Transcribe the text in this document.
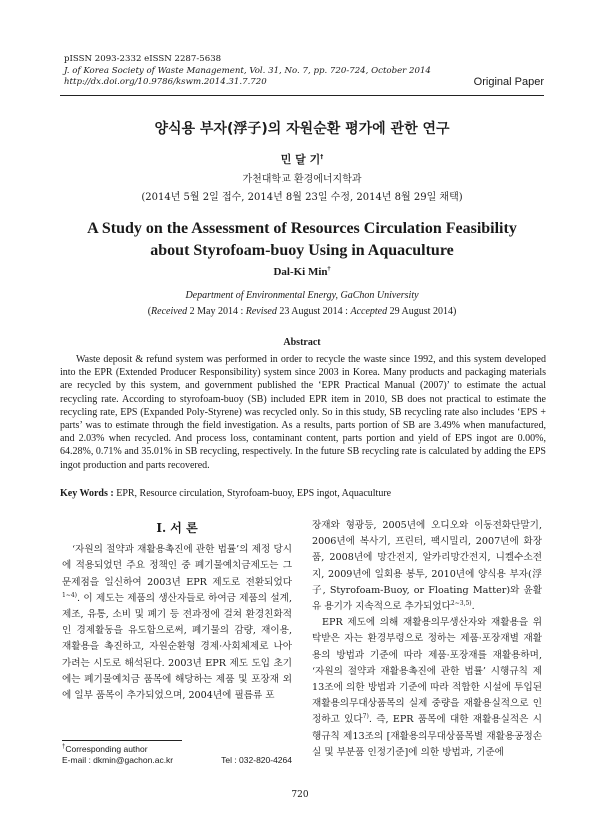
pISSN 2093-2332 eISSN 2287-5638
J. of Korea Society of Waste Management, Vol. 31, No. 7, pp. 720-724, October 2014
http://dx.doi.org/10.9786/kswm.2014.31.7.720	Original Paper
양식용 부자(浮子)의 자원순환 평가에 관한 연구
민 달 기†
가천대학교 환경에너지학과
(2014년 5월 2일 접수, 2014년 8월 23일 수정, 2014년 8월 29일 채택)
A Study on the Assessment of Resources Circulation Feasibility
about Styrofoam-buoy Using in Aquaculture
Dal-Ki Min†
Department of Environmental Energy, GaChon University
(Received 2 May 2014 : Revised 23 August 2014 : Accepted 29 August 2014)
Abstract
Waste deposit & refund system was performed in order to recycle the waste since 1992, and this system developed into the EPR (Extended Producer Responsibility) system since 2003 in Korea. Many products and packaging materials are recycled by this system, and government published the ‘EPR Practical Manual (2007)’ to estimate the actual recycling rate. According to styrofoam-buoy (SB) included EPR item in 2010, SB does not practical to estimate the recycling rate, EPS (Expanded Poly-Styrene) was recycled only. So in this study, SB recycling rate also includes ‘EPS + parts’ was to estimate through the field investigation. As a results, parts portion of SB are 3.49% when manufactured, and 2.03% when recycled. And process loss, contaminant content, parts portion and yield of EPS ingot are 0.00%, 64.28%, 0.71% and 35.01% in SB recycling, respectively. In the future SB recycling rate is calculated by adding the EPS ingot production and parts recovered.
Key Words : EPR, Resource circulation, Styrofoam-buoy, EPS ingot, Aquaculture
I. 서 론
‘자원의 절약과 재활용촉진에 관한 법률’의 제정 당시에 적용되었던 주요 정책인 중 폐기물예치금제도는 그 문제점을 일신하여 2003년 EPR 제도로 전환되었다$^{1\sim 4)}$. 이 제도는 제품의 생산자들로 하여금 제품의 설계, 제조, 유통, 소비 및 폐기 등 전과정에 걸쳐 환경친화적인 경제활동을 유도함으로써, 폐기물의 감량, 재이용, 재활용을 촉진하고, 자원순환형 경제·사회체제로 나아가려는 시도로 해석된다. 2003년 EPR 제도 도입 초기에는 폐기물예치금 품목에 해당하는 제품 및 포장재 외에 일부 품목이 추가되었으며, 2004년에 필름류 포
장재와 형광등, 2005년에 오디오와 이동전화단말기, 2006년에 복사기, 프린터, 팩시밀리, 2007년에 화장품, 2008년에 망간전지, 알카리망간전지, 니켈수소전지, 2009년에 일회용 봉투, 2010년에 양식용 부자(浮子, Styrofoam-Buoy, or Floating Matter)와 윤활유 용기가 지속적으로 추가되었다$^{2\sim 3,5)}$.
EPR 제도에 의해 재활용의무생산자와 재활용을 위탁받은 자는 환경부령으로 정하는 제품·포장재별 재활용의 방법과 기준에 따라 제품·포장재를 재활용하며, ‘자원의 절약과 재활용촉진에 관한 법률’ 시행규칙 제13조에 의한 방법과 기준에 따라 적합한 시설에 투입된 재활용의무대상품목의 실제 중량을 재활용실적으로 인정하고 있다$^{7)}$. 즉, EPR 품목에 대한 재활용실적은 시행규칙 제13조의 [재활용의무대상품목별 재활용공정손실 및 부분품 인정기준]에 의한 방법과, 기준에
†Corresponding author
E-mail : dkmin@gachon.ac.kr	Tel : 032-820-4264
720
